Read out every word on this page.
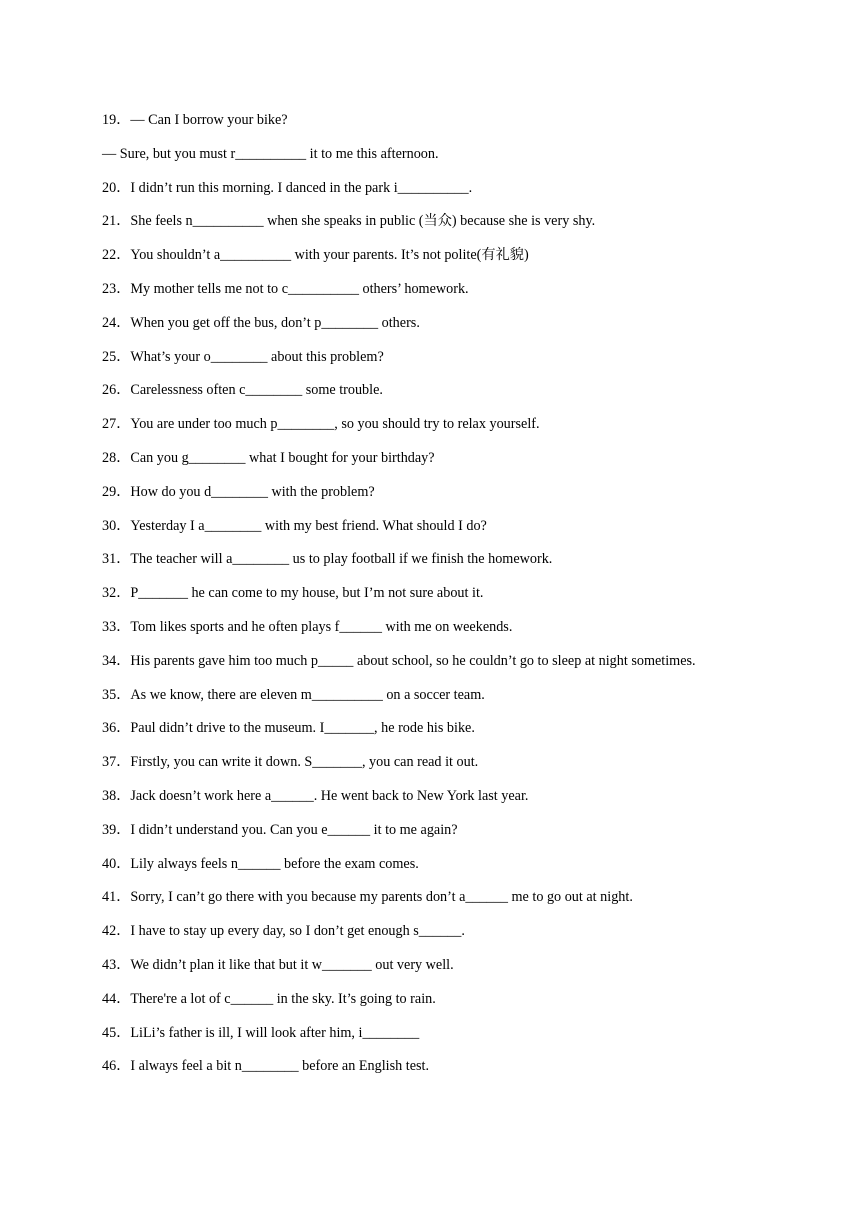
19．— Can I borrow your bike?
— Sure, but you must r__________ it to me this afternoon.
20．I didn’t run this morning. I danced in the park i__________.
21．She feels n__________ when she speaks in public (当众) because she is very shy.
22．You shouldn’t a__________ with your parents. It’s not polite(有礼貌)
23．My mother tells me not to c__________ others’ homework.
24．When you get off the bus, don’t p________ others.
25．What’s your o________ about this problem?
26．Carelessness often c________ some trouble.
27．You are under too much p________, so you should try to relax yourself.
28．Can you g________ what I bought for your birthday?
29．How do you d________ with the problem?
30．Yesterday I a________ with my best friend. What should I do?
31．The teacher will a________ us to play football if we finish the homework.
32．P_______ he can come to my house, but I’m not sure about it.
33．Tom likes sports and he often plays f______ with me on weekends.
34．His parents gave him too much p_____ about school, so he couldn’t go to sleep at night sometimes.
35．As we know, there are eleven m__________ on a soccer team.
36．Paul didn’t drive to the museum. I_______, he rode his bike.
37．Firstly, you can write it down. S_______, you can read it out.
38．Jack doesn’t work here a______. He went back to New York last year.
39．I didn’t understand you. Can you e______ it to me again?
40．Lily always feels n______ before the exam comes.
41．Sorry, I can’t go there with you because my parents don’t a______ me to go out at night.
42．I have to stay up every day, so I don’t get enough s______.
43．We didn’t plan it like that but it w_______ out very well.
44．There're a lot of c______ in the sky. It’s going to rain.
45．LiLi’s father is ill, I will look after him, i________
46．I always feel a bit n________ before an English test.
